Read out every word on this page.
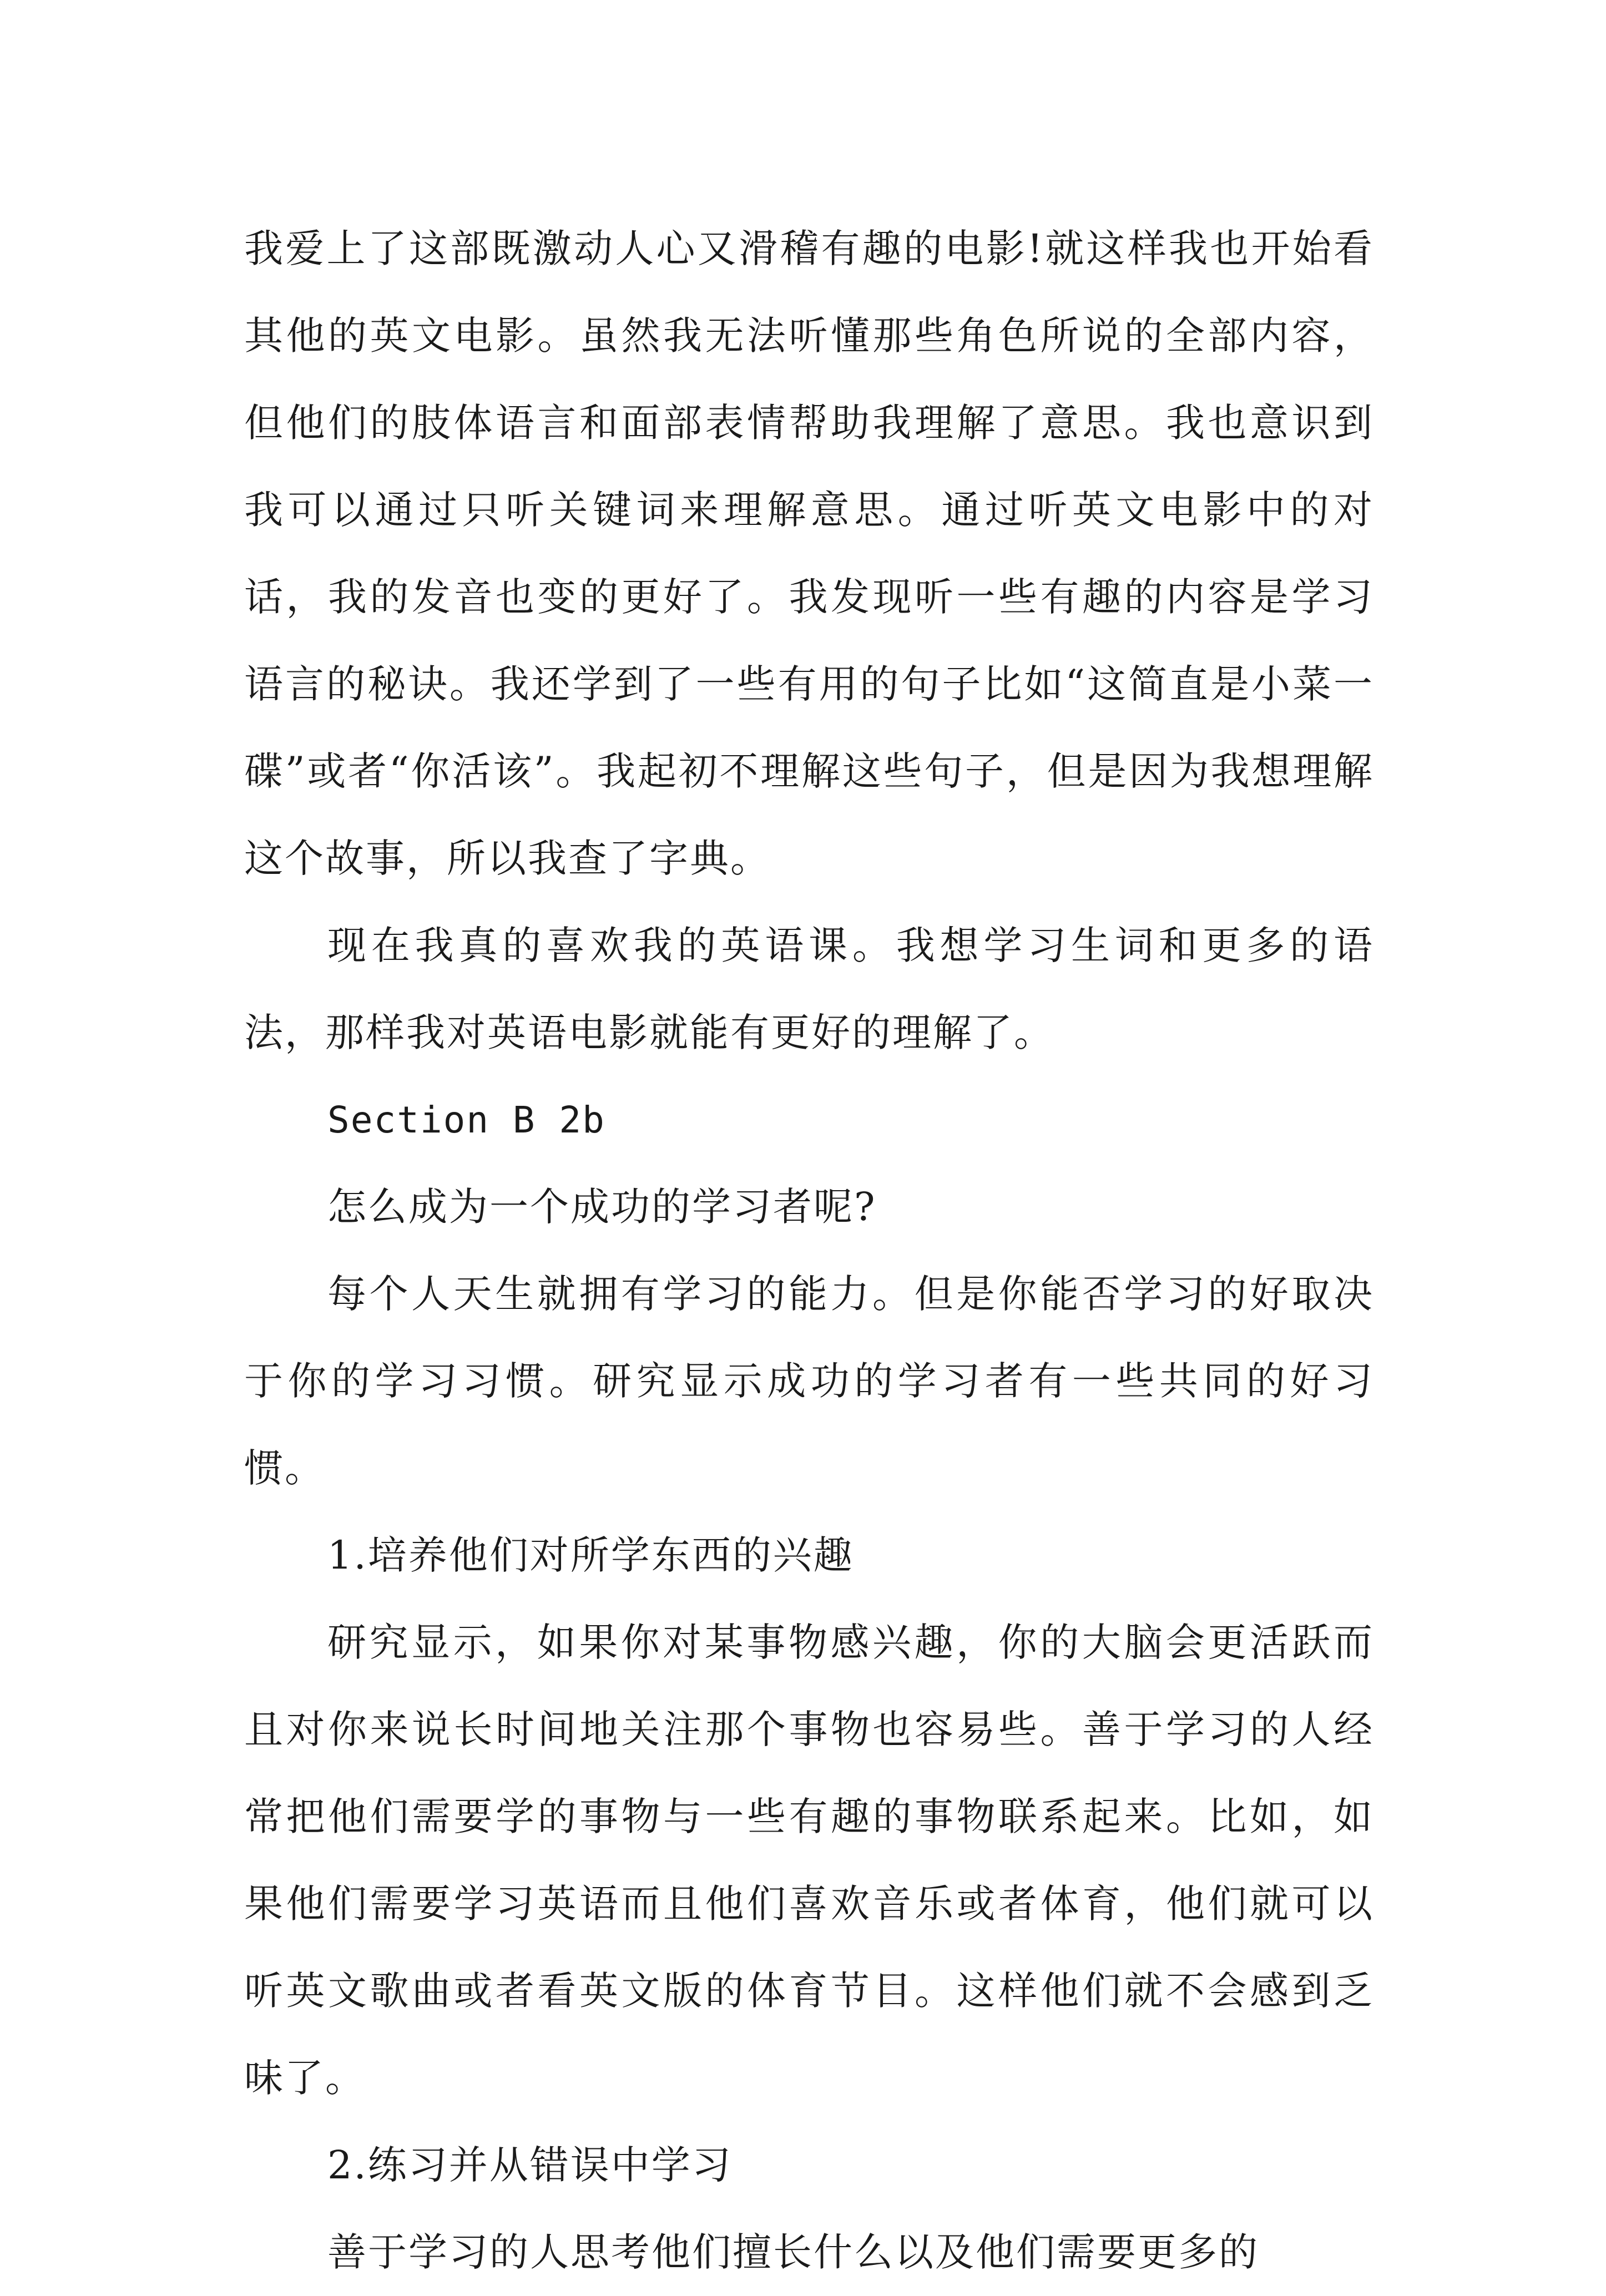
我爱上了这部既激动人心又滑稽有趣的电影!就这样我也开始看其他的英文电影。虽然我无法听懂那些角色所说的全部内容，但他们的肢体语言和面部表情帮助我理解了意思。我也意识到我可以通过只听关键词来理解意思。通过听英文电影中的对话，我的发音也变的更好了。我发现听一些有趣的内容是学习语言的秘诀。我还学到了一些有用的句子比如“这简直是小菜一碟”或者“你活该”。我起初不理解这些句子，但是因为我想理解这个故事，所以我查了字典。

现在我真的喜欢我的英语课。我想学习生词和更多的语法，那样我对英语电影就能有更好的理解了。

Section B 2b

怎么成为一个成功的学习者呢?

每个人天生就拥有学习的能力。但是你能否学习的好取决于你的学习习惯。研究显示成功的学习者有一些共同的好习惯。

1.培养他们对所学东西的兴趣

研究显示，如果你对某事物感兴趣，你的大脑会更活跃而且对你来说长时间地关注那个事物也容易些。善于学习的人经常把他们需要学的事物与一些有趣的事物联系起来。比如，如果他们需要学习英语而且他们喜欢音乐或者体育，他们就可以听英文歌曲或者看英文版的体育节目。这样他们就不会感到乏味了。

2.练习并从错误中学习

善于学习的人思考他们擅长什么以及他们需要更多的
